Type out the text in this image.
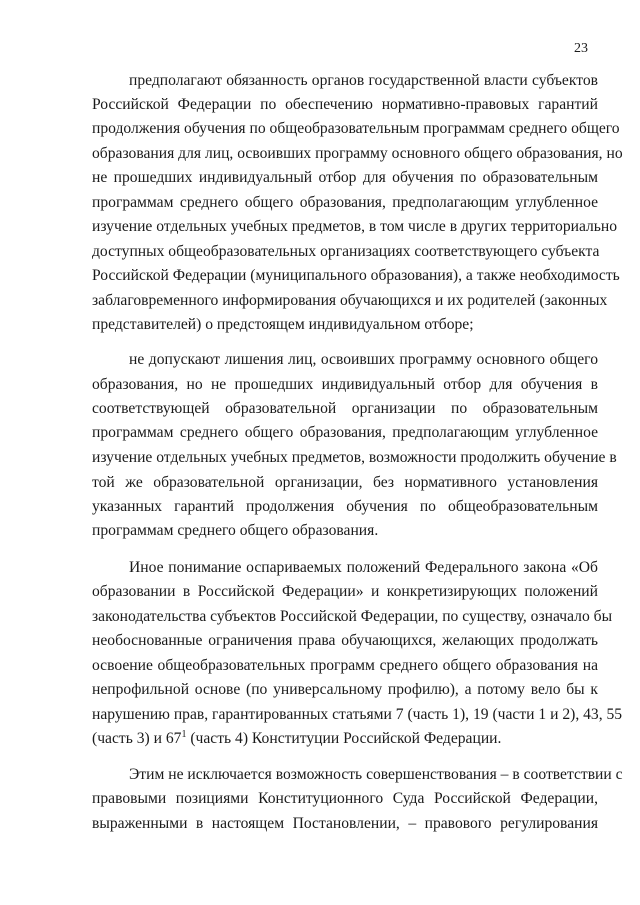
23
предполагают обязанность органов государственной власти субъектов
Российской Федерации по обеспечению нормативно-правовых гарантий
продолжения обучения по общеобразовательным программам среднего общего
образования для лиц, освоивших программу основного общего образования, но
не прошедших индивидуальный отбор для обучения по образовательным
программам среднего общего образования, предполагающим углубленное
изучение отдельных учебных предметов, в том числе в других территориально
доступных общеобразовательных организациях соответствующего субъекта
Российской Федерации (муниципального образования), а также необходимость
заблаговременного информирования обучающихся и их родителей (законных
представителей) о предстоящем индивидуальном отборе;
не допускают лишения лиц, освоивших программу основного общего
образования, но не прошедших индивидуальный отбор для обучения в
соответствующей образовательной организации по образовательным
программам среднего общего образования, предполагающим углубленное
изучение отдельных учебных предметов, возможности продолжить обучение в
той же образовательной организации, без нормативного установления
указанных гарантий продолжения обучения по общеобразовательным
программам среднего общего образования.
Иное понимание оспариваемых положений Федерального закона «Об
образовании в Российской Федерации» и конкретизирующих положений
законодательства субъектов Российской Федерации, по существу, означало бы
необоснованные ограничения права обучающихся, желающих продолжать
освоение общеобразовательных программ среднего общего образования на
непрофильной основе (по универсальному профилю), а потому вело бы к
нарушению прав, гарантированных статьями 7 (часть 1), 19 (части 1 и 2), 43, 55
(часть 3) и $67^1$ (часть 4) Конституции Российской Федерации.
Этим не исключается возможность совершенствования – в соответствии с
правовыми позициями Конституционного Суда Российской Федерации,
выраженными в настоящем Постановлении, – правового регулирования
